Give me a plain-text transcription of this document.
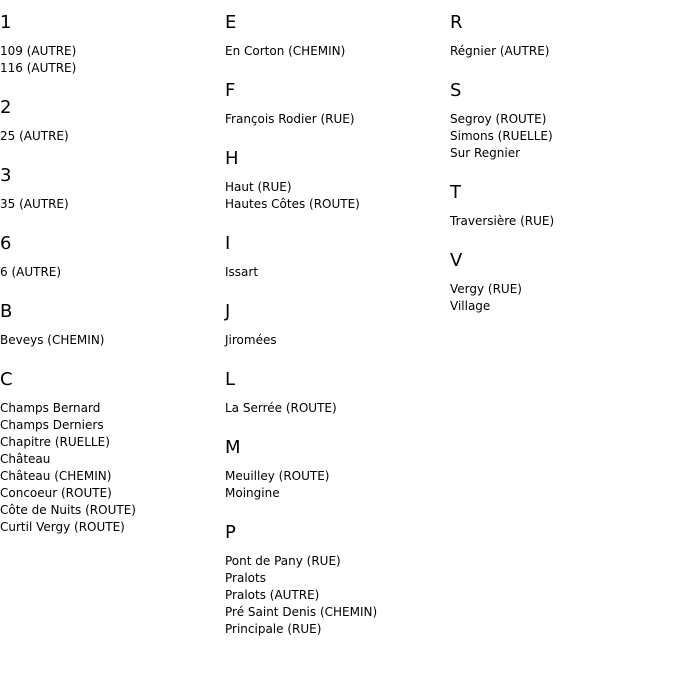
1
109 (AUTRE)
116 (AUTRE)
2
25 (AUTRE)
3
35 (AUTRE)
6
6 (AUTRE)
B
Beveys (CHEMIN)
C
Champs Bernard
Champs Derniers
Chapitre (RUELLE)
Château
Château (CHEMIN)
Concoeur (ROUTE)
Côte de Nuits (ROUTE)
Curtil Vergy (ROUTE)
E
En Corton (CHEMIN)
F
François Rodier (RUE)
H
Haut (RUE)
Hautes Côtes (ROUTE)
I
Issart
J
Jiromées
L
La Serrée (ROUTE)
M
Meuilley (ROUTE)
Moingine
P
Pont de Pany (RUE)
Pralots
Pralots (AUTRE)
Pré Saint Denis (CHEMIN)
Principale (RUE)
R
Régnier (AUTRE)
S
Segroy (ROUTE)
Simons (RUELLE)
Sur Regnier
T
Traversière (RUE)
V
Vergy (RUE)
Village
